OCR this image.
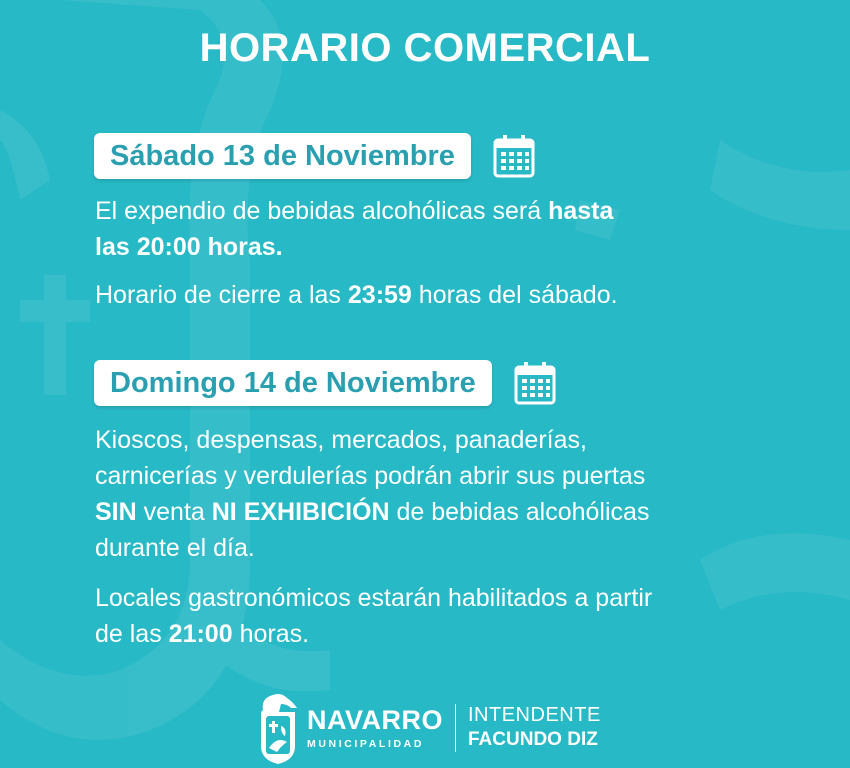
HORARIO COMERCIAL
Sábado 13 de Noviembre
El expendio de bebidas alcohólicas será hasta
las 20:00 horas.
Horario de cierre a las 23:59 horas del sábado.
Domingo 14 de Noviembre
Kioscos, despensas, mercados, panaderías,
carnicerías y verdulerías podrán abrir sus puertas
SIN venta NI EXHIBICIÓN de bebidas alcohólicas
durante el día.
Locales gastronómicos estarán habilitados a partir
de las 21:00 horas.
NAVARRO
MUNICIPALIDAD
INTENDENTE
FACUNDO DIZ
